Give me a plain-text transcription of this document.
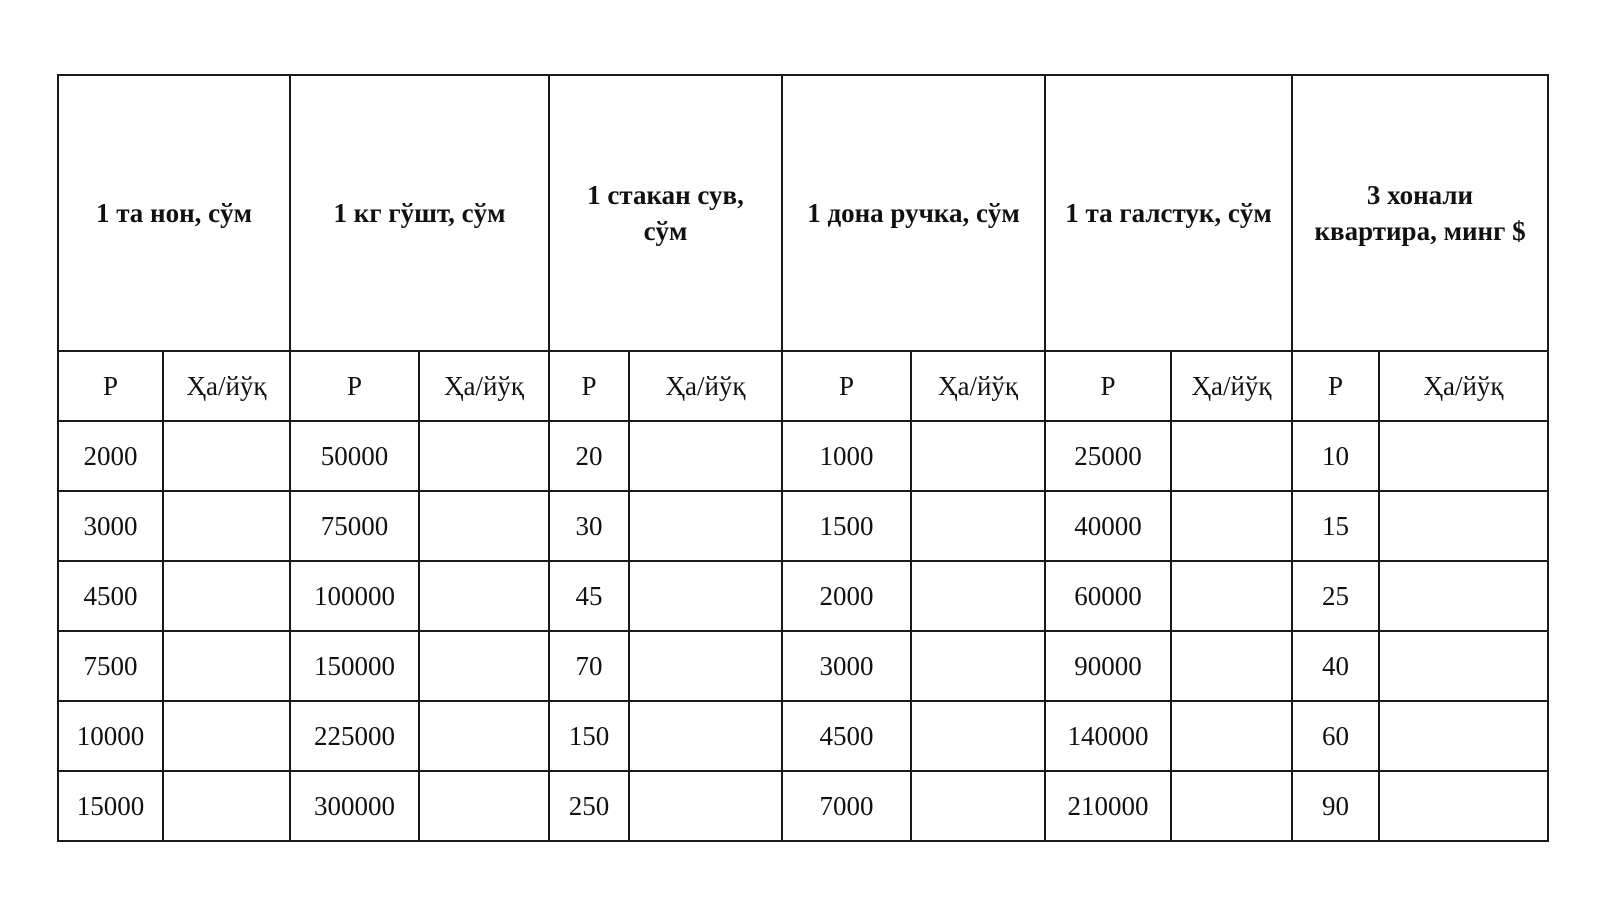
1 та нон, сўм		1 кг гўшт, сўм		1 стакан сув, сўм		1 дона ручка, сўм		1 та галстук, сўм		3 хонали квартира, минг $	
P	Ҳа/йўқ	P	Ҳа/йўқ	P	Ҳа/йўқ	P	Ҳа/йўқ	P	Ҳа/йўқ	P	Ҳа/йўқ
2000		50000		20		1000		25000		10	
3000		75000		30		1500		40000		15	
4500		100000		45		2000		60000		25	
7500		150000		70		3000		90000		40	
10000		225000		150		4500		140000		60	
15000		300000		250		7000		210000		90	
